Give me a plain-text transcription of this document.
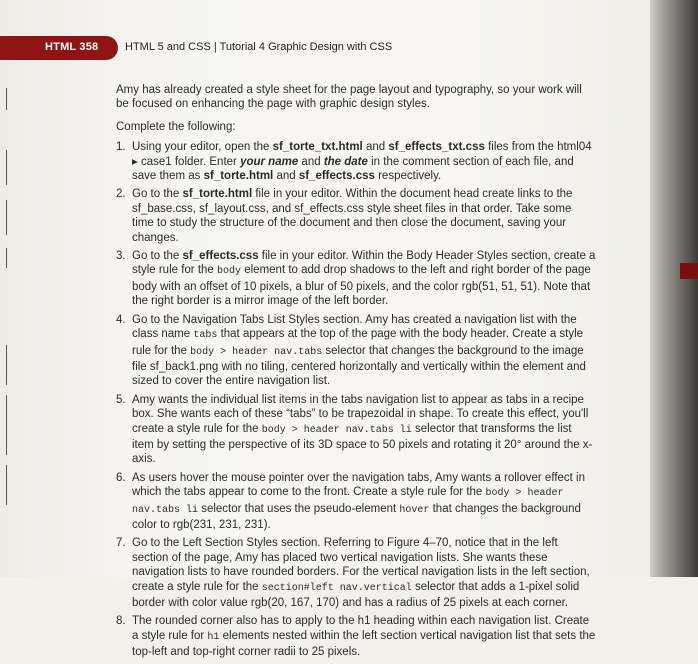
HTML 358 HTML 5 and CSS | Tutorial 4 Graphic Design with CSS

Amy has already created a style sheet for the page layout and typography, so your work will be focused on enhancing the page with graphic design styles.

Complete the following:

1. Using your editor, open the sf_torte_txt.html and sf_effects_txt.css files from the html04 ▸ case1 folder. Enter your name and the date in the comment section of each file, and save them as sf_torte.html and sf_effects.css respectively.
2. Go to the sf_torte.html file in your editor. Within the document head create links to the sf_base.css, sf_layout.css, and sf_effects.css style sheet files in that order. Take some time to study the structure of the document and then close the document, saving your changes.
3. Go to the sf_effects.css file in your editor. Within the Body Header Styles section, create a style rule for the body element to add drop shadows to the left and right border of the page body with an offset of 10 pixels, a blur of 50 pixels, and the color rgb(51, 51, 51). Note that the right border is a mirror image of the left border.
4. Go to the Navigation Tabs List Styles section. Amy has created a navigation list with the class name tabs that appears at the top of the page with the body header. Create a style rule for the body > header nav.tabs selector that changes the background to the image file sf_back1.png with no tiling, centered horizontally and vertically within the element and sized to cover the entire navigation list.
5. Amy wants the individual list items in the tabs navigation list to appear as tabs in a recipe box. She wants each of these “tabs” to be trapezoidal in shape. To create this effect, you'll create a style rule for the body > header nav.tabs li selector that transforms the list item by setting the perspective of its 3D space to 50 pixels and rotating it 20° around the x-axis.
6. As users hover the mouse pointer over the navigation tabs, Amy wants a rollover effect in which the tabs appear to come to the front. Create a style rule for the body > header nav.tabs li selector that uses the pseudo-element hover that changes the background color to rgb(231, 231, 231).
7. Go to the Left Section Styles section. Referring to Figure 4–70, notice that in the left section of the page, Amy has placed two vertical navigation lists. She wants these navigation lists to have rounded borders. For the vertical navigation lists in the left section, create a style rule for the section#left nav.vertical selector that adds a 1-pixel solid border with color value rgb(20, 167, 170) and has a radius of 25 pixels at each corner.
8. The rounded corner also has to apply to the h1 heading within each navigation list. Create a style rule for h1 elements nested within the left section vertical navigation list that sets the top-left and top-right corner radii to 25 pixels.
